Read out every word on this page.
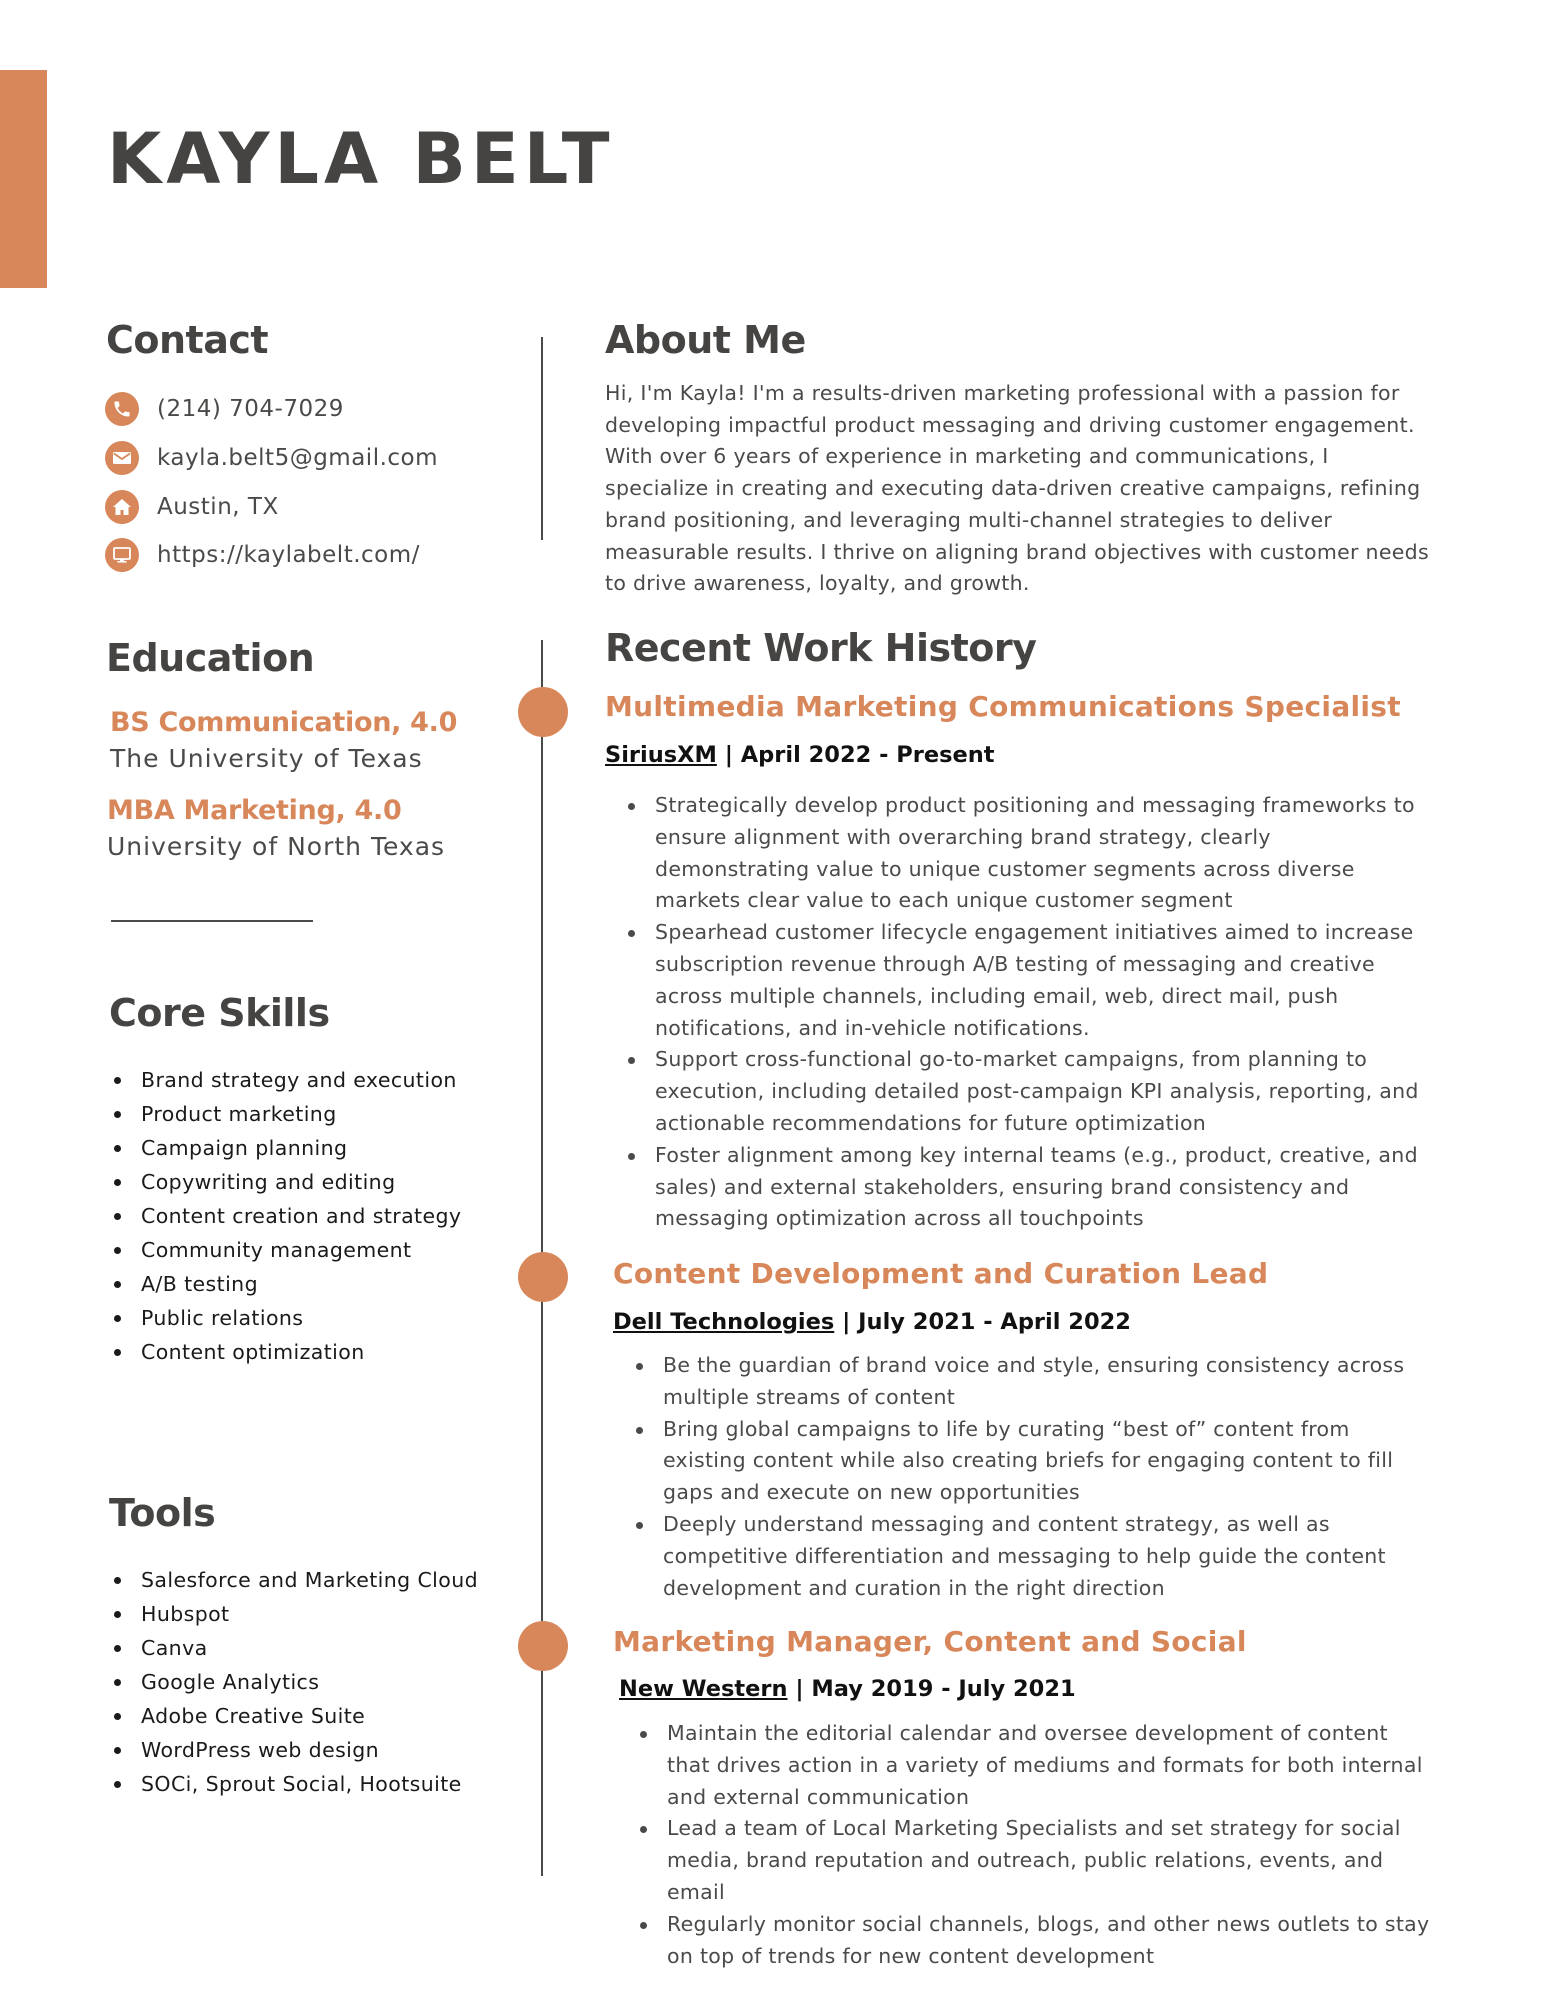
KAYLA BELT
Contact
(214) 704-7029
kayla.belt5@gmail.com
Austin, TX
https://kaylabelt.com/
Education

BS Communication, 4.0

The University of Texas

MBA Marketing, 4.0

University of North Texas

Core Skills
Brand strategy and execution
Product marketing
Campaign planning
Copywriting and editing
Content creation and strategy
Community management
A/B testing
Public relations
Content optimization
Tools
Salesforce and Marketing Cloud
Hubspot
Canva
Google Analytics
Adobe Creative Suite
WordPress web design
SOCi, Sprout Social, Hootsuite
About Me

Hi, I'm Kayla! I'm a results-driven marketing professional with a passion for developing impactful product messaging and driving customer engagement. With over 6 years of experience in marketing and communications, I specialize in creating and executing data-driven creative campaigns, refining brand positioning, and leveraging multi-channel strategies to deliver measurable results. I thrive on aligning brand objectives with customer needs to drive awareness, loyalty, and growth.

Recent Work History

Multimedia Marketing Communications Specialist

SiriusXM | April 2022 - Present

Strategically develop product positioning and messaging frameworks to ensure alignment with overarching brand strategy, clearly demonstrating value to unique customer segments across diverse markets clear value to each unique customer segment
Spearhead customer lifecycle engagement initiatives aimed to increase subscription revenue through A/B testing of messaging and creative across multiple channels, including email, web, direct mail, push notifications, and in-vehicle notifications.
Support cross-functional go-to-market campaigns, from planning to execution, including detailed post-campaign KPI analysis, reporting, and actionable recommendations for future optimization
Foster alignment among key internal teams (e.g., product, creative, and sales) and external stakeholders, ensuring brand consistency and messaging optimization across all touchpoints

Content Development and Curation Lead

Dell Technologies | July 2021 - April 2022

Be the guardian of brand voice and style, ensuring consistency across multiple streams of content
Bring global campaigns to life by curating “best of” content from existing content while also creating briefs for engaging content to fill gaps and execute on new opportunities
Deeply understand messaging and content strategy, as well as competitive differentiation and messaging to help guide the content development and curation in the right direction

Marketing Manager, Content and Social

New Western | May 2019 - July 2021

Maintain the editorial calendar and oversee development of content that drives action in a variety of mediums and formats for both internal and external communication
Lead a team of Local Marketing Specialists and set strategy for social media, brand reputation and outreach, public relations, events, and email
Regularly monitor social channels, blogs, and other news outlets to stay on top of trends for new content development
